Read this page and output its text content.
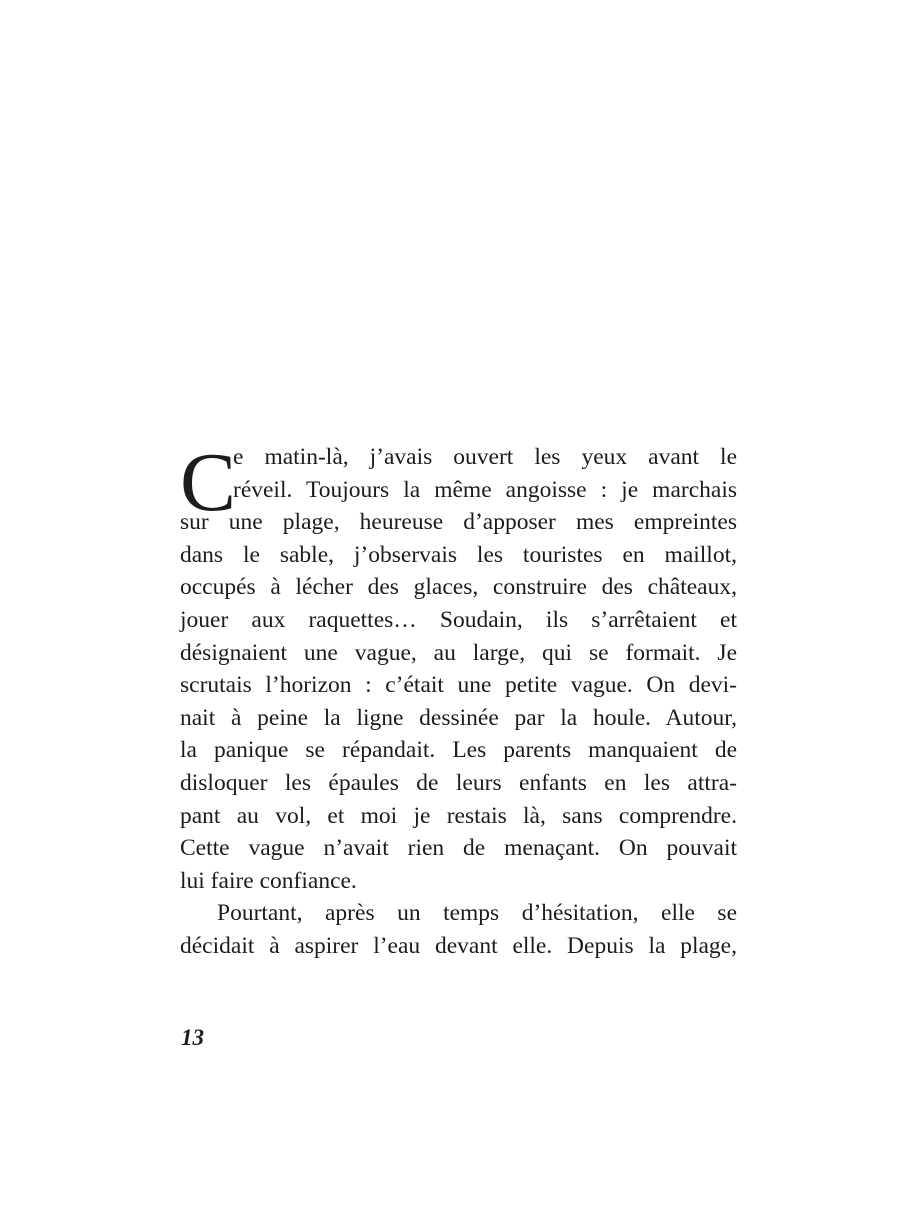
C
e matin-là, j’avais ouvert les yeux avant le
réveil. Toujours la même angoisse : je marchais
sur une plage, heureuse d’apposer mes empreintes
dans le sable, j’observais les touristes en maillot,
occupés à lécher des glaces, construire des châteaux,
jouer aux raquettes… Soudain, ils s’arrêtaient et
désignaient une vague, au large, qui se formait. Je
scrutais l’horizon : c’était une petite vague. On devi-
nait à peine la ligne dessinée par la houle. Autour,
la panique se répandait. Les parents manquaient de
disloquer les épaules de leurs enfants en les attra-
pant au vol, et moi je restais là, sans comprendre.
Cette vague n’avait rien de menaçant. On pouvait
lui faire confiance.
Pourtant, après un temps d’hésitation, elle se
décidait à aspirer l’eau devant elle. Depuis la plage,
13
